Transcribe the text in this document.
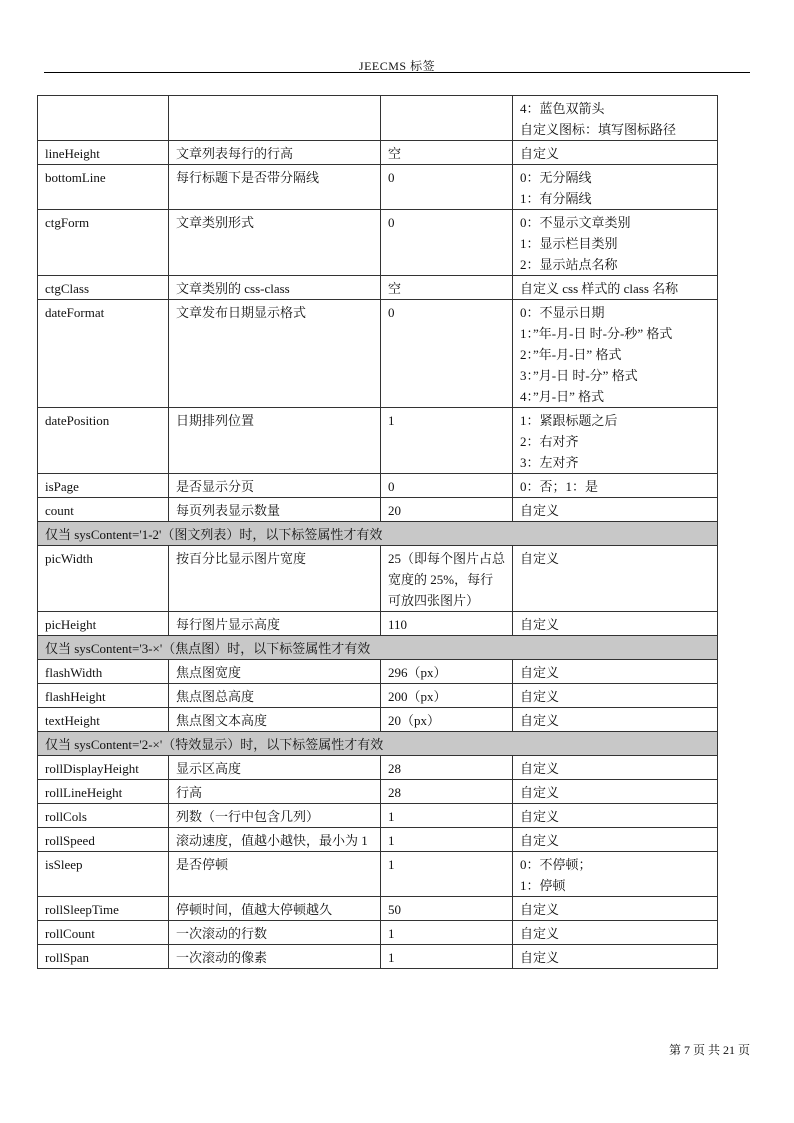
JEECMS 标签

			4：蓝色双箭头
自定义图标：填写图标路径

lineHeight	文章列表每行的行高	空	自定义

bottomLine	每行标题下是否带分隔线	0	0：无分隔线
1：有分隔线

ctgForm	文章类别形式	0	0：不显示文章类别
1：显示栏目类别
2：显示站点名称

ctgClass	文章类别的 css-class	空	自定义 css 样式的 class 名称

dateFormat	文章发布日期显示格式	0	0：不显示日期
1：”年-月-日 时-分-秒” 格式
2：”年-月-日” 格式
3：”月-日 时-分” 格式
4：”月-日” 格式

datePosition	日期排列位置	1	1：紧跟标题之后
2：右对齐
3：左对齐

isPage	是否显示分页	0	0：否；1：是

count	每页列表显示数量	20	自定义

仅当 sysContent='1-2'（图文列表）时，以下标签属性才有效			

picWidth	按百分比显示图片宽度	25（即每个图片占总宽度的 25%，每行可放四张图片）	自定义

picHeight	每行图片显示高度	110	自定义

仅当 sysContent='3-×'（焦点图）时，以下标签属性才有效			

flashWidth	焦点图宽度	296（px）	自定义

flashHeight	焦点图总高度	200（px）	自定义

textHeight	焦点图文本高度	20（px）	自定义

仅当 sysContent='2-×'（特效显示）时，以下标签属性才有效			

rollDisplayHeight	显示区高度	28	自定义

rollLineHeight	行高	28	自定义

rollCols	列数（一行中包含几列）	1	自定义

rollSpeed	滚动速度，值越小越快，最小为 1	1	自定义

isSleep	是否停顿	1	0：不停顿；
1：停顿

rollSleepTime	停顿时间，值越大停顿越久	50	自定义

rollCount	一次滚动的行数	1	自定义

rollSpan	一次滚动的像素	1	自定义
第 7 页 共 21 页
